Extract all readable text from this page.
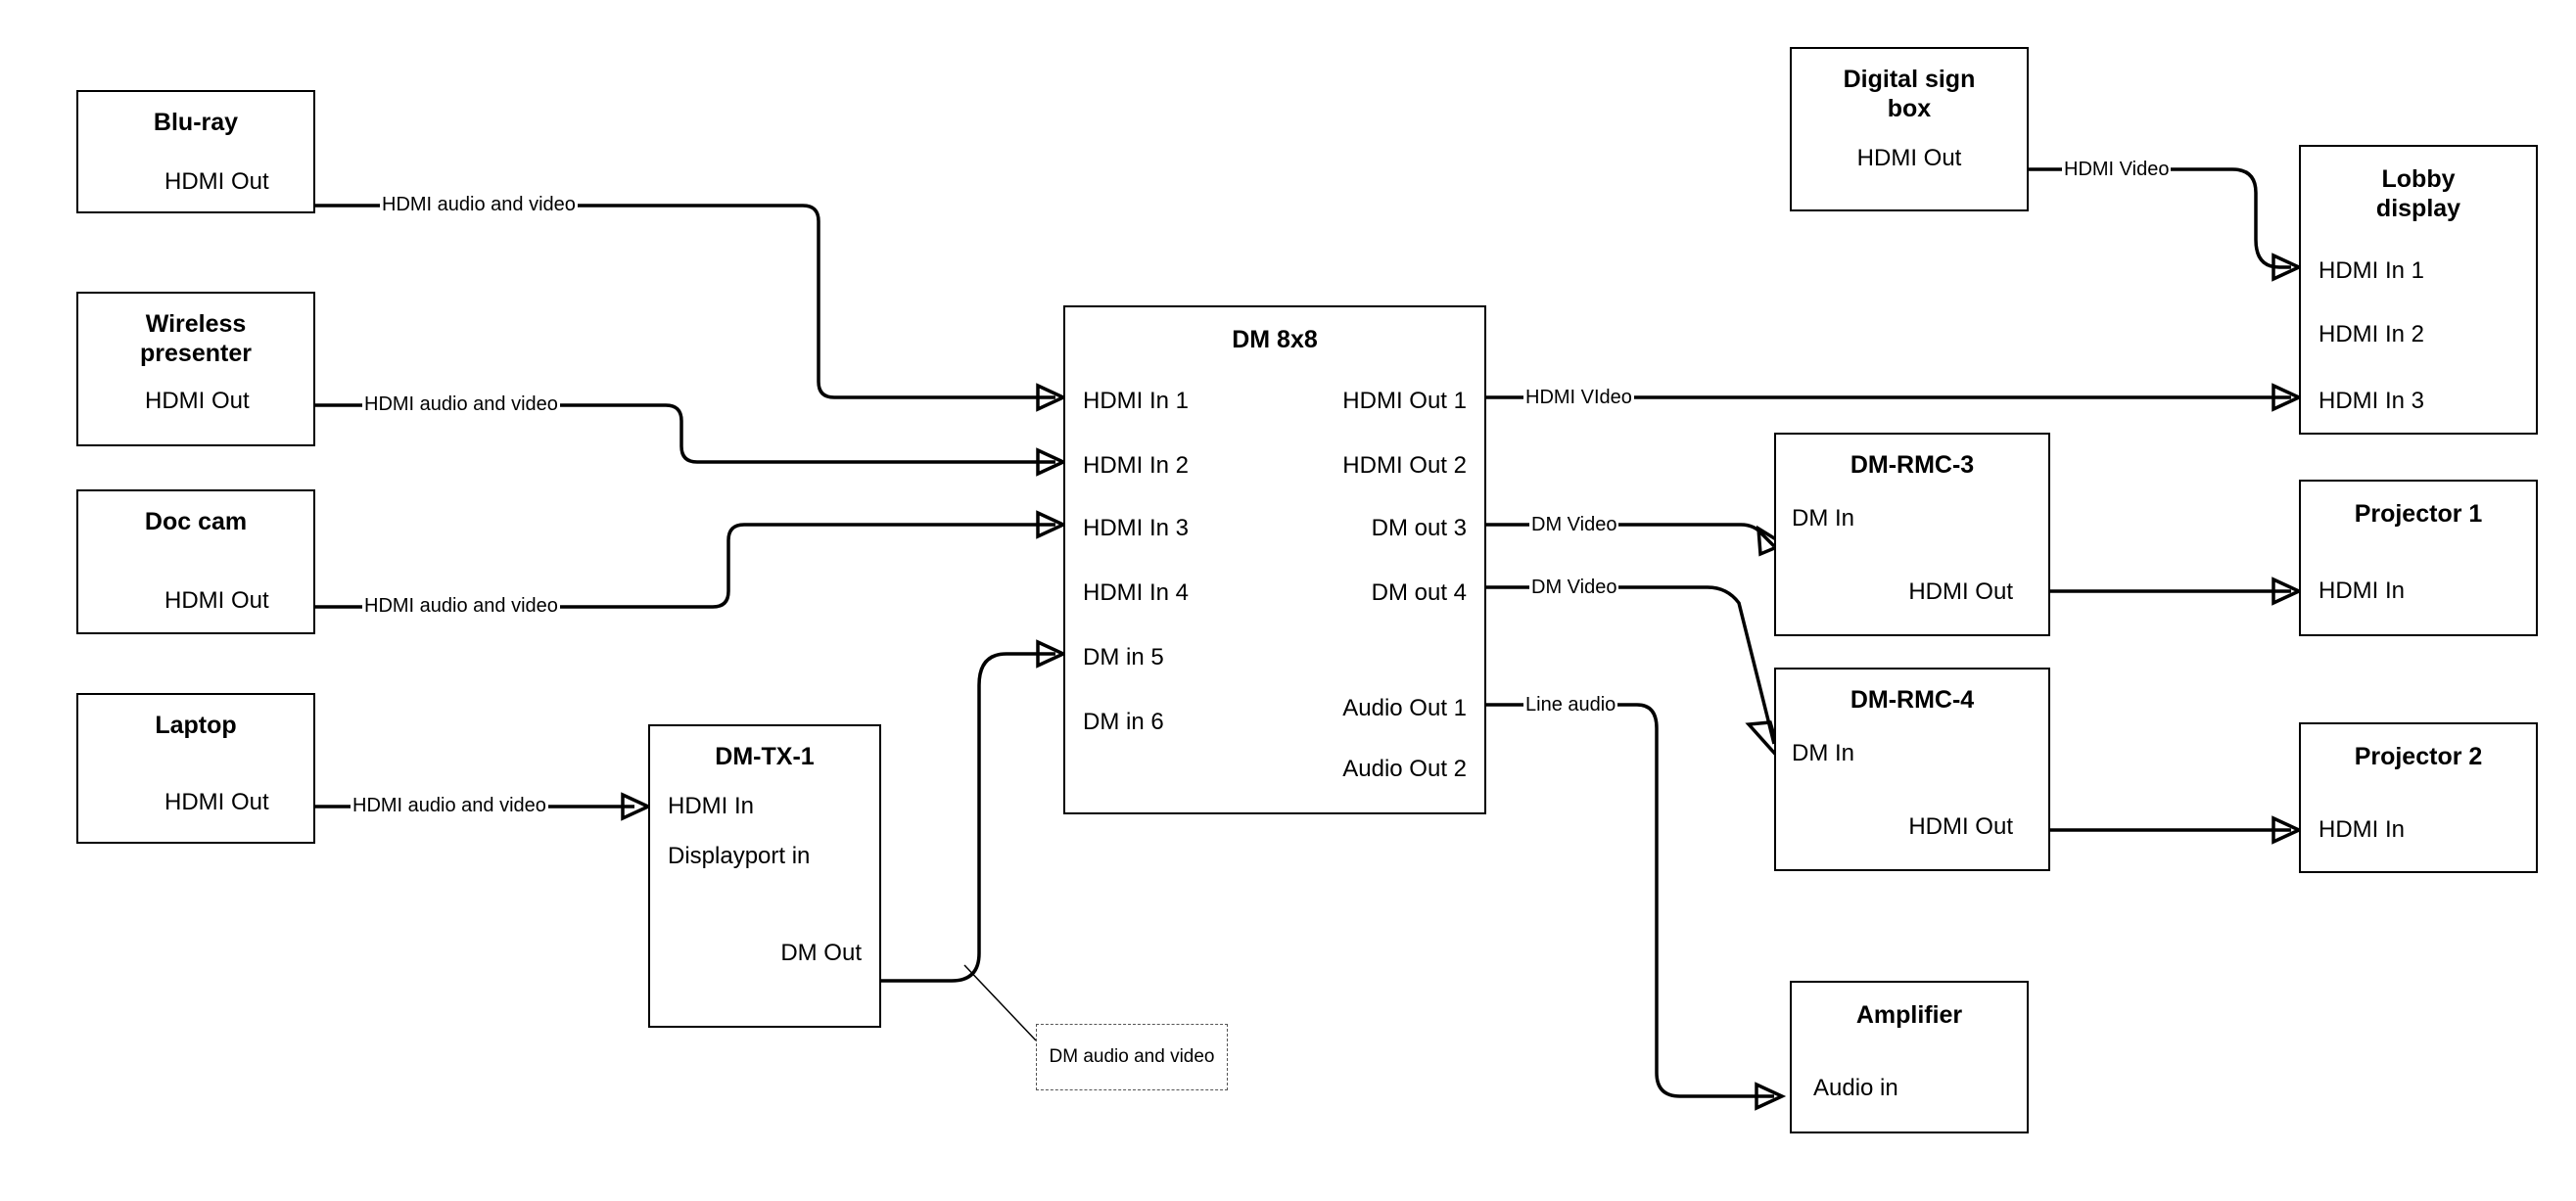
Blu-ray
HDMI Out
Wireless presenter
HDMI Out
Doc cam
HDMI Out
Laptop
HDMI Out
DM-TX-1
HDMI In
Displayport in
DM Out
DM audio and video
DM 8x8
HDMI In 1
HDMI In 2
HDMI In 3
HDMI In 4
DM in 5
DM in 6
HDMI Out 1
HDMI Out 2
DM out 3
DM out 4
Audio Out 1
Audio Out 2
Digital sign box
HDMI Out
Lobby display
HDMI In 1
HDMI In 2
HDMI In 3
DM-RMC-3
DM In
HDMI Out
DM-RMC-4
DM In
HDMI Out
Projector 1
HDMI In
Projector 2
HDMI In
Amplifier
Audio in
HDMI audio and video
HDMI audio and video
HDMI audio and video
HDMI audio and video
HDMI Video
HDMI VIdeo
DM Video
DM Video
Line audio
